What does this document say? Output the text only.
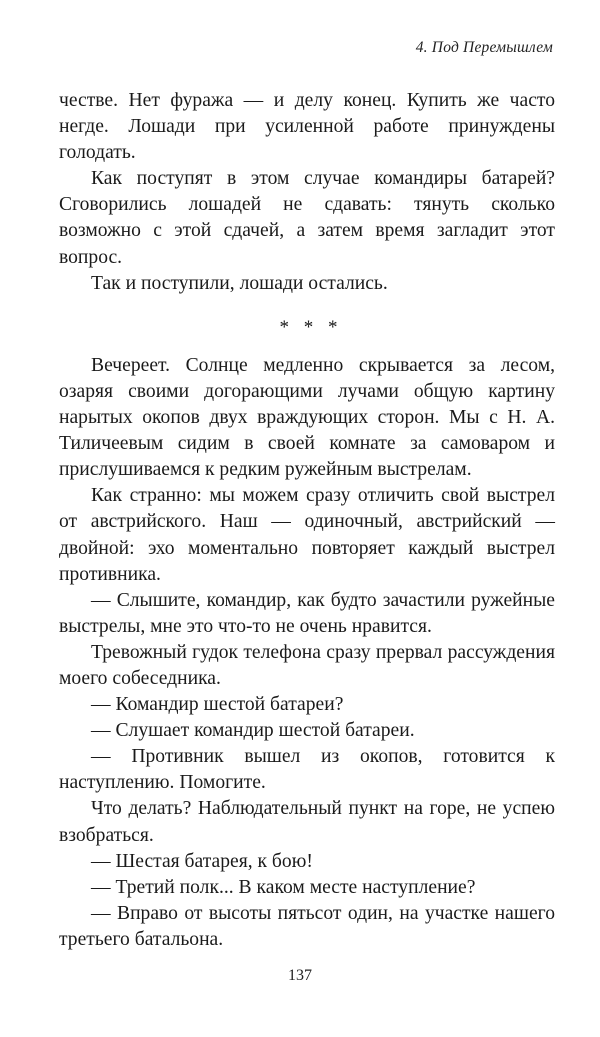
4. Под Перемышлем

честве. Нет фуража — и делу конец. Купить же часто негде. Лошади при усиленной работе принуждены голодать.

Как поступят в этом случае командиры батарей? Сговорились лошадей не сдавать: тянуть сколько возможно с этой сдачей, а затем время загладит этот вопрос.

Так и поступили, лошади остались.

* * *

Вечереет. Солнце медленно скрывается за лесом, озаряя своими догорающими лучами общую картину нарытых окопов двух враждующих сторон. Мы с Н. А. Тиличеевым сидим в своей комнате за самоваром и прислушиваемся к редким ружейным выстрелам.

Как странно: мы можем сразу отличить свой выстрел от австрийского. Наш — одиночный, австрийский — двойной: эхо моментально повторяет каждый выстрел противника.

— Слышите, командир, как будто зачастили ружейные выстрелы, мне это что-то не очень нравится.

Тревожный гудок телефона сразу прервал рассуждения моего собеседника.

— Командир шестой батареи?

— Слушает командир шестой батареи.

— Противник вышел из окопов, готовится к наступлению. Помогите.

Что делать? Наблюдательный пункт на горе, не успею взобраться.

— Шестая батарея, к бою!

— Третий полк... В каком месте наступление?

— Вправо от высоты пятьсот один, на участке нашего третьего батальона.

137
